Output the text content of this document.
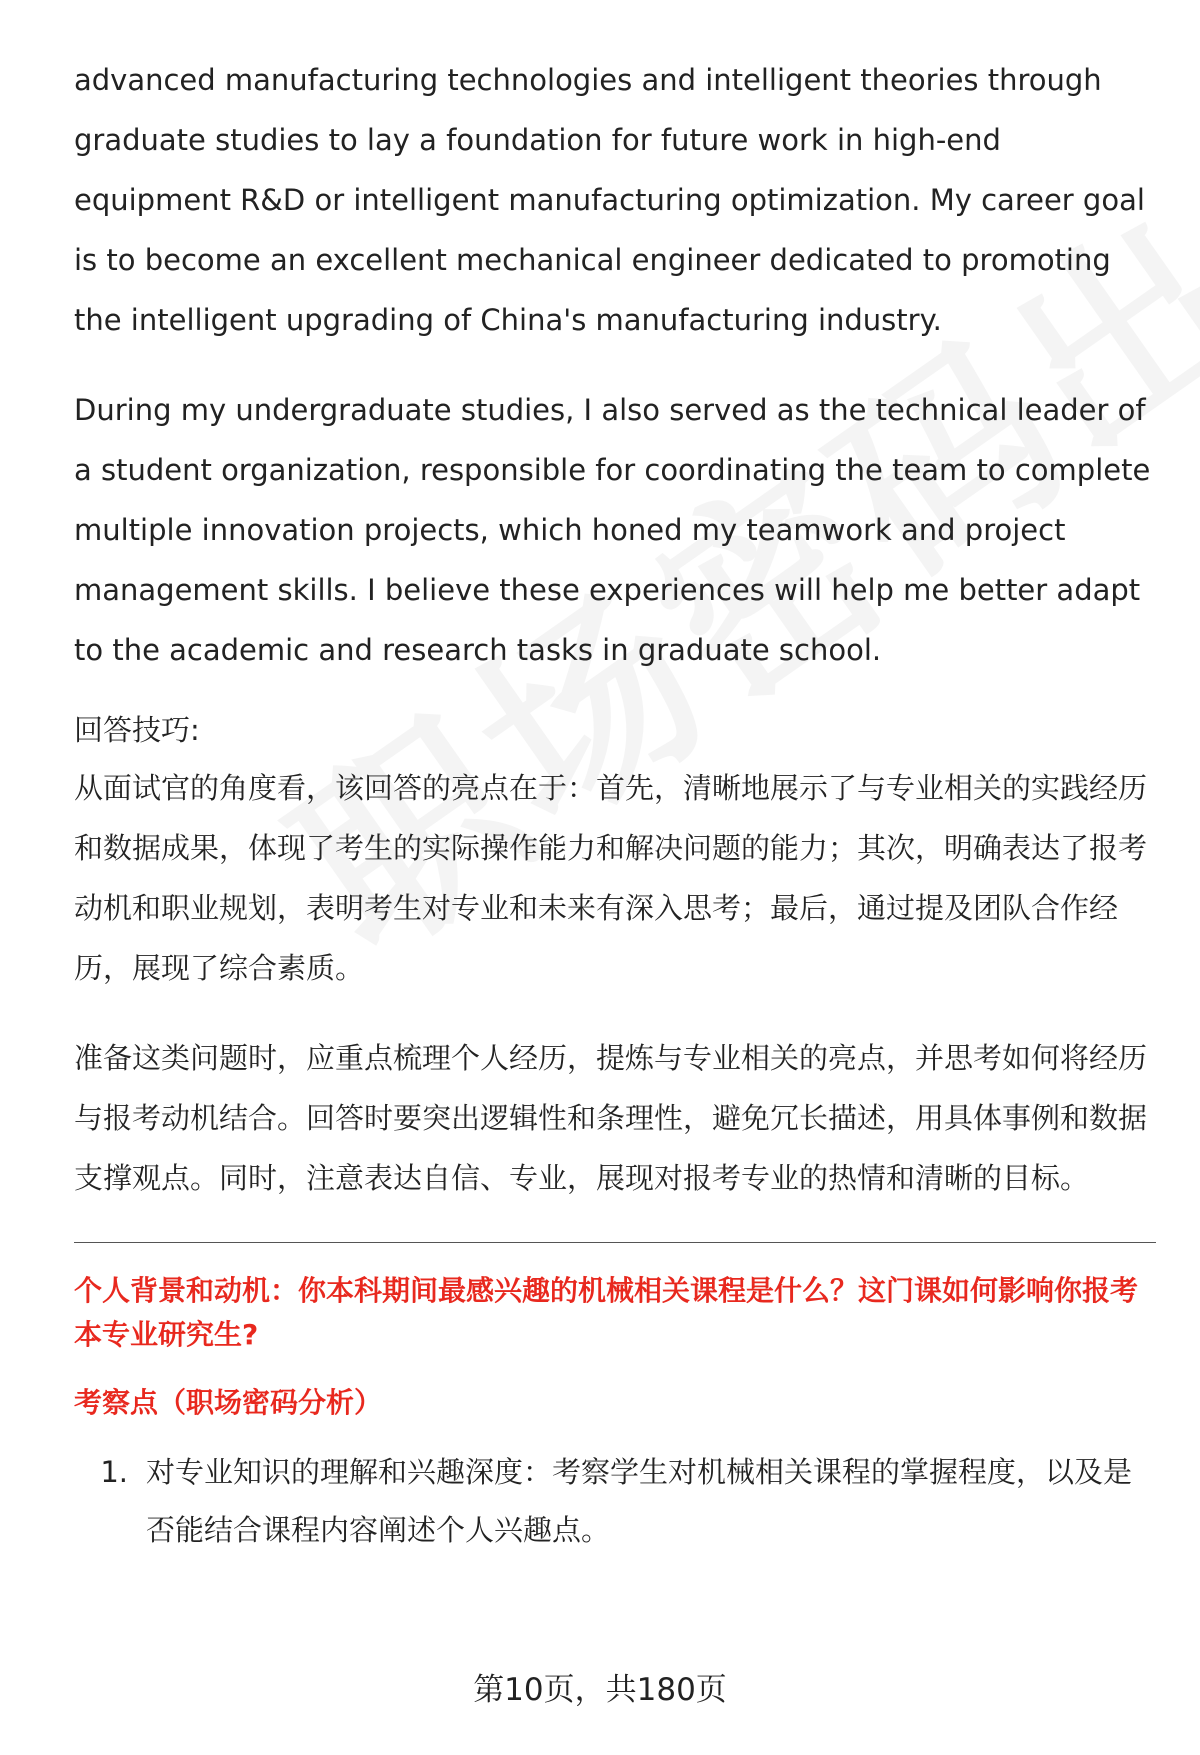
advanced manufacturing technologies and intelligent theories through graduate studies to lay a foundation for future work in high-end equipment R&D or intelligent manufacturing optimization. My career goal is to become an excellent mechanical engineer dedicated to promoting the intelligent upgrading of China's manufacturing industry.

During my undergraduate studies, I also served as the technical leader of a student organization, responsible for coordinating the team to complete multiple innovation projects, which honed my teamwork and project management skills. I believe these experiences will help me better adapt to the academic and research tasks in graduate school.

回答技巧:

从面试官的角度看，该回答的亮点在于：首先，清晰地展示了与专业相关的实践经历和数据成果，体现了考生的实际操作能力和解决问题的能力；其次，明确表达了报考动机和职业规划，表明考生对专业和未来有深入思考；最后，通过提及团队合作经历，展现了综合素质。

准备这类问题时，应重点梳理个人经历，提炼与专业相关的亮点，并思考如何将经历与报考动机结合。回答时要突出逻辑性和条理性，避免冗长描述，用具体事例和数据支撑观点。同时，注意表达自信、专业，展现对报考专业的热情和清晰的目标。

个人背景和动机：你本科期间最感兴趣的机械相关课程是什么？这门课如何影响你报考本专业研究生?
考察点（职场密码分析）
1. 对专业知识的理解和兴趣深度：考察学生对机械相关课程的掌握程度，以及是否能结合课程内容阐述个人兴趣点。
第10页，共180页
